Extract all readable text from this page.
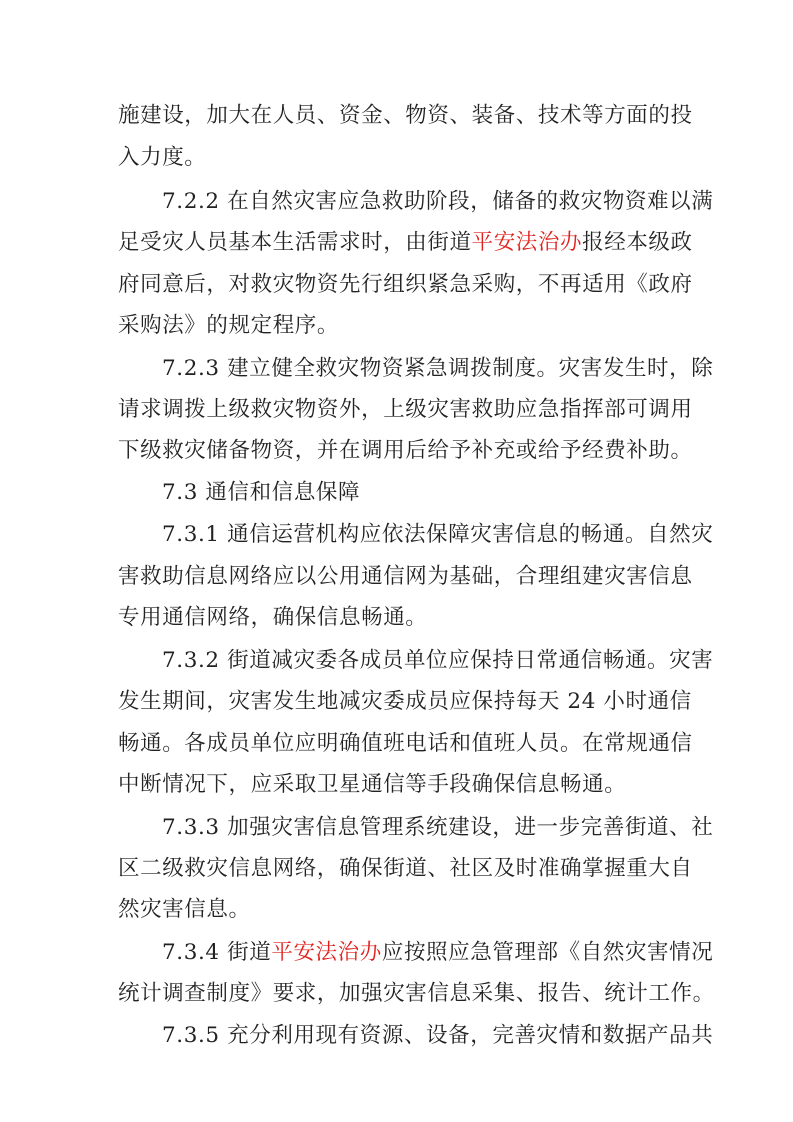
施建设，加大在人员、资金、物资、装备、技术等方面的投
入力度。
7.2.2 在自然灾害应急救助阶段，储备的救灾物资难以满
足受灾人员基本生活需求时，由街道平安法治办报经本级政
府同意后，对救灾物资先行组织紧急采购，不再适用《政府
采购法》的规定程序。
7.2.3 建立健全救灾物资紧急调拨制度。灾害发生时，除
请求调拨上级救灾物资外，上级灾害救助应急指挥部可调用
下级救灾储备物资，并在调用后给予补充或给予经费补助。
7.3 通信和信息保障
7.3.1 通信运营机构应依法保障灾害信息的畅通。自然灾
害救助信息网络应以公用通信网为基础，合理组建灾害信息
专用通信网络，确保信息畅通。
7.3.2 街道减灾委各成员单位应保持日常通信畅通。灾害
发生期间，灾害发生地减灾委成员应保持每天 24 小时通信
畅通。各成员单位应明确值班电话和值班人员。在常规通信
中断情况下，应采取卫星通信等手段确保信息畅通。
7.3.3 加强灾害信息管理系统建设，进一步完善街道、社
区二级救灾信息网络，确保街道、社区及时准确掌握重大自
然灾害信息。
7.3.4 街道平安法治办应按照应急管理部《自然灾害情况
统计调查制度》要求，加强灾害信息采集、报告、统计工作。
7.3.5 充分利用现有资源、设备，完善灾情和数据产品共
